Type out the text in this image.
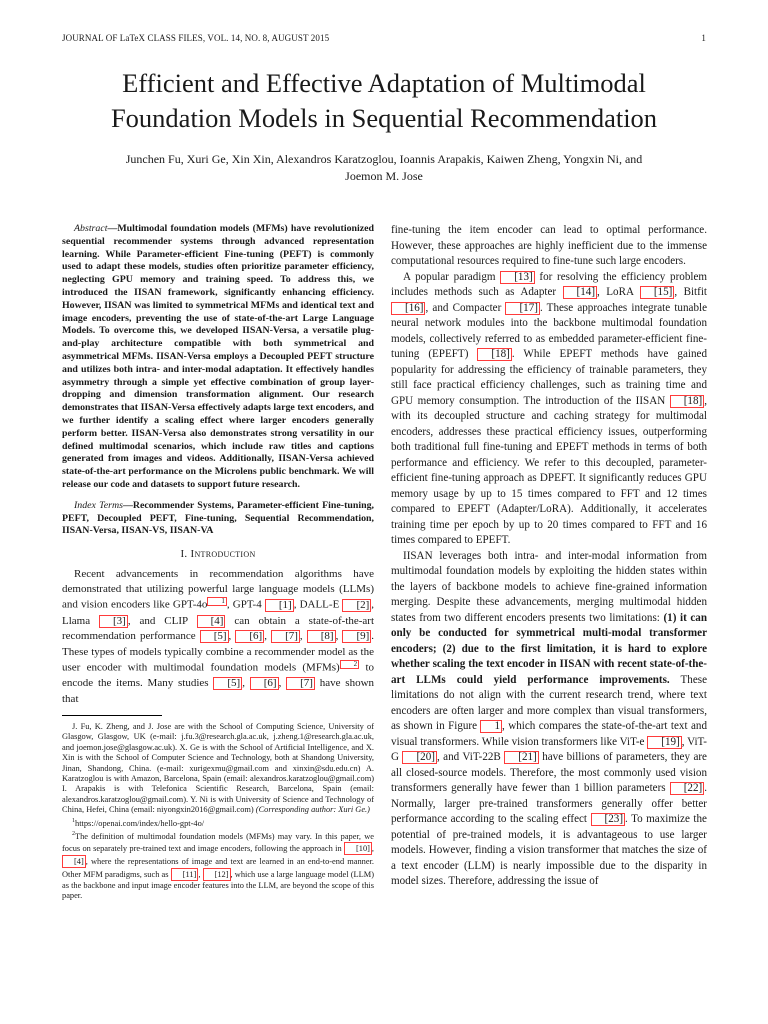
JOURNAL OF LaTeX CLASS FILES, VOL. 14, NO. 8, AUGUST 2015	1
Efficient and Effective Adaptation of Multimodal
Foundation Models in Sequential Recommendation
Junchen Fu, Xuri Ge, Xin Xin, Alexandros Karatzoglou, Ioannis Arapakis, Kaiwen Zheng, Yongxin Ni, and
Joemon M. Jose

Abstract—Multimodal foundation models (MFMs) have revolutionized sequential recommender systems through advanced representation learning. While Parameter-efficient Fine-tuning (PEFT) is commonly used to adapt these models, studies often prioritize parameter efficiency, neglecting GPU memory and training speed. To address this, we introduced the IISAN framework, significantly enhancing efficiency. However, IISAN was limited to symmetrical MFMs and identical text and image encoders, preventing the use of state-of-the-art Large Language Models. To overcome this, we developed IISAN-Versa, a versatile plug-and-play architecture compatible with both symmetrical and asymmetrical MFMs. IISAN-Versa employs a Decoupled PEFT structure and utilizes both intra- and inter-modal adaptation. It effectively handles asymmetry through a simple yet effective combination of group layer-dropping and dimension transformation alignment. Our research demonstrates that IISAN-Versa effectively adapts large text encoders, and we further identify a scaling effect where larger encoders generally perform better. IISAN-Versa also demonstrates strong versatility in our defined multimodal scenarios, which include raw titles and captions generated from images and videos. Additionally, IISAN-Versa achieved state-of-the-art performance on the Microlens public benchmark. We will release our code and datasets to support future research.

Index Terms—Recommender Systems, Parameter-efficient Fine-tuning, PEFT, Decoupled PEFT, Fine-tuning, Sequential Recommendation, IISAN-Versa, IISAN-VS, IISAN-VA

I. Introduction

Recent advancements in recommendation algorithms have demonstrated that utilizing powerful large language models (LLMs) and vision encoders like GPT-4o 1 , GPT-4 [1] , DALL-E [2] , Llama [3] , and CLIP [4] can obtain a state-of-the-art recommendation performance [5] , [6] , [7] , [8] , [9] . These types of models typically combine a recommender model as the user encoder with multimodal foundation models (MFMs) 2 to encode the items. Many studies [5] , [6] , [7] have shown that

J. Fu, K. Zheng, and J. Jose are with the School of Computing Science, University of Glasgow, Glasgow, UK (e-mail: j.fu.3@research.gla.ac.uk, j.zheng.1@research.gla.ac.uk, and joemon.jose@glasgow.ac.uk). X. Ge is with the School of Artificial Intelligence, and X. Xin is with the School of Computer Science and Technology, both at Shandong University, Jinan, Shandong, China. (e-mail: xurigexmu@gmail.com and xinxin@sdu.edu.cn) A. Karatzoglou is with Amazon, Barcelona, Spain (email: alexandros.karatzoglou@gmail.com) I. Arapakis is with Telefonica Scientific Research, Barcelona, Spain (email: alexandros.karatzoglou@gmail.com). Y. Ni is with University of Science and Technology of China, Hefei, China (email: niyongxin2016@gmail.com) (Corresponding author: Xuri Ge.)

$^1$https://openai.com/index/hello-gpt-4o/

$^2$The definition of multimodal foundation models (MFMs) may vary. In this paper, we focus on separately pre-trained text and image encoders, following the approach in [10] , [4] , where the representations of image and text are learned in an end-to-end manner. Other MFM paradigms, such as [11] , [12] , which use a large language model (LLM) as the backbone and input image encoder features into the LLM, are beyond the scope of this paper.

fine-tuning the item encoder can lead to optimal performance. However, these approaches are highly inefficient due to the immense computational resources required to fine-tune such large encoders.

A popular paradigm [13] for resolving the efficiency problem includes methods such as Adapter [14] , LoRA [15] , Bitfit [16] , and Compacter [17] . These approaches integrate tunable neural network modules into the backbone multimodal foundation models, collectively referred to as embedded parameter-efficient fine-tuning (EPEFT) [18] . While EPEFT methods have gained popularity for addressing the efficiency of trainable parameters, they still face practical efficiency challenges, such as training time and GPU memory consumption. The introduction of the IISAN [18] , with its decoupled structure and caching strategy for multimodal encoders, addresses these practical efficiency issues, outperforming both traditional full fine-tuning and EPEFT methods in terms of both performance and efficiency. We refer to this decoupled, parameter-efficient fine-tuning approach as DPEFT. It significantly reduces GPU memory usage by up to 15 times compared to FFT and 12 times compared to EPEFT (Adapter/LoRA). Additionally, it accelerates training time per epoch by up to 20 times compared to FFT and 16 times compared to EPEFT.

IISAN leverages both intra- and inter-modal information from multimodal foundation models by exploiting the hidden states within the layers of backbone models to achieve fine-grained information merging. Despite these advancements, merging multimodal hidden states from two different encoders presents two limitations: (1) it can only be conducted for symmetrical multi-modal transformer encoders; (2) due to the first limitation, it is hard to explore whether scaling the text encoder in IISAN with recent state-of-the-art LLMs could yield performance improvements. These limitations do not align with the current research trend, where text encoders are often larger and more complex than visual transformers, as shown in Figure 1 , which compares the state-of-the-art text and visual transformers. While vision transformers like ViT-e [19] , ViT-G [20] , and ViT-22B [21] have billions of parameters, they are all closed-source models. Therefore, the most commonly used vision transformers generally have fewer than 1 billion parameters [22] . Normally, larger pre-trained transformers generally offer better performance according to the scaling effect [23] . To maximize the potential of pre-trained models, it is advantageous to use larger models. However, finding a vision transformer that matches the size of a text encoder (LLM) is nearly impossible due to the disparity in model sizes. Therefore, addressing the issue of
